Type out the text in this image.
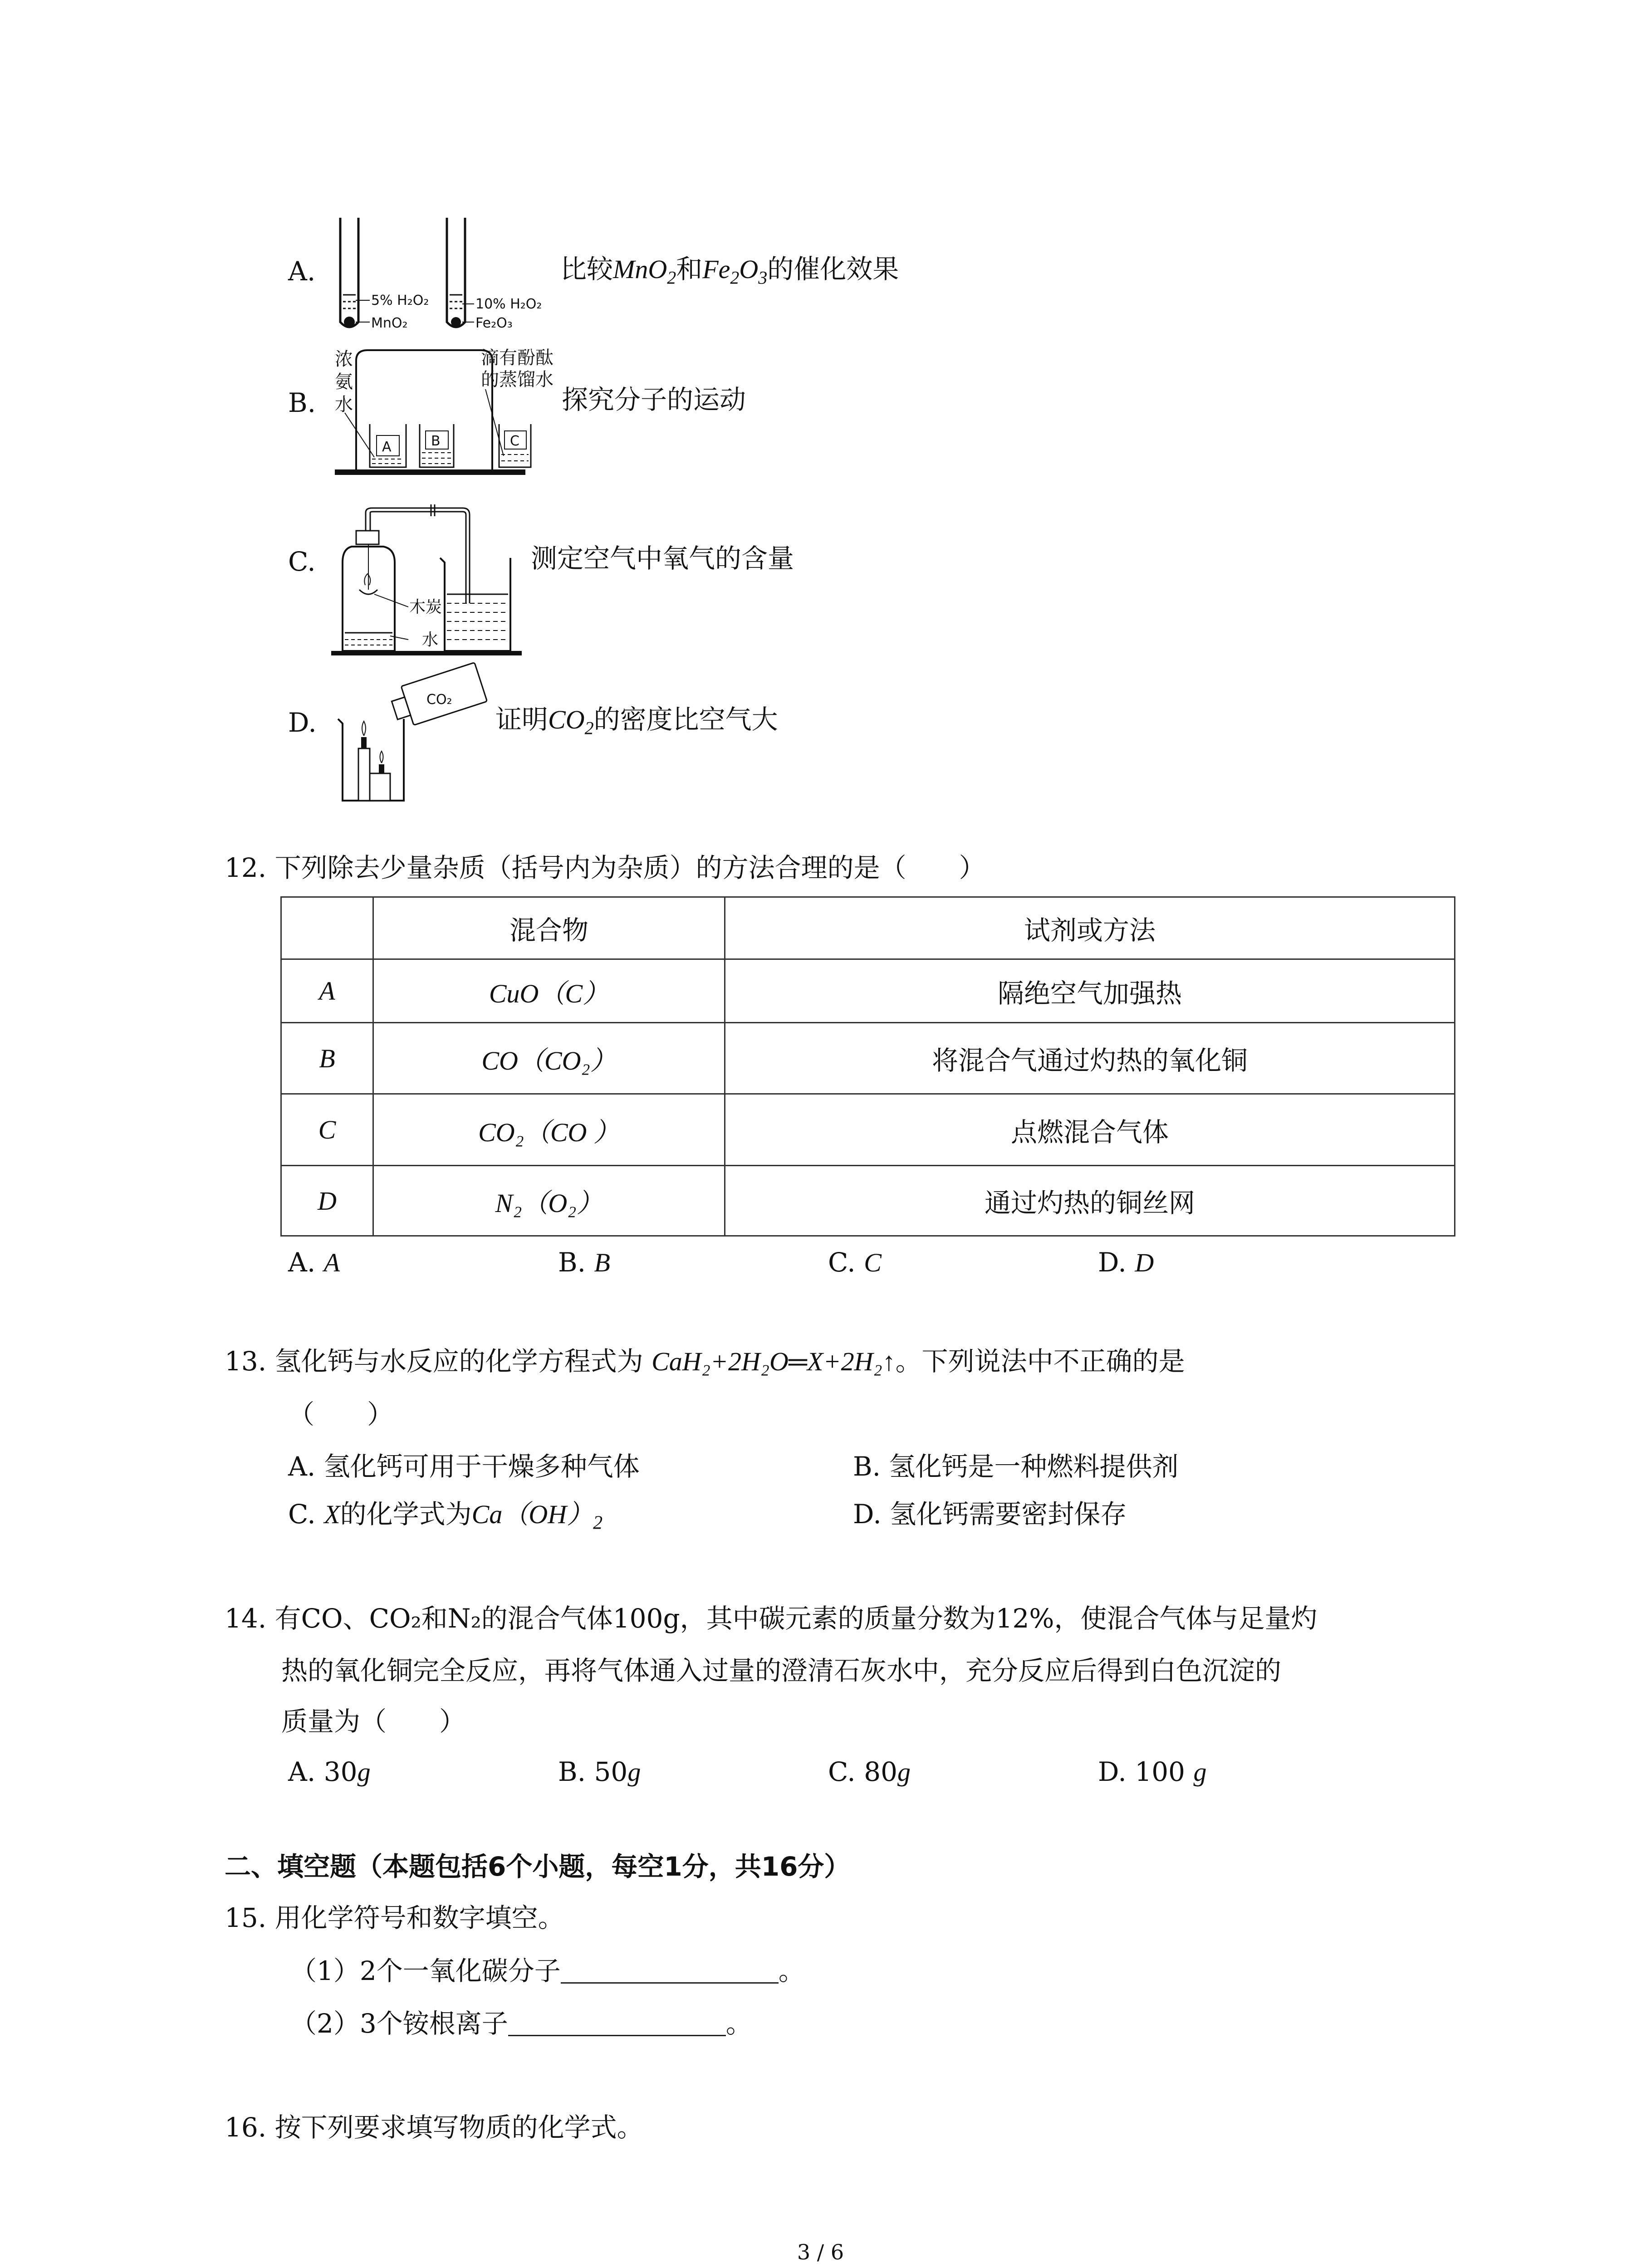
A.	比较MnO$_2$和$Fe_2O_3$的催化效果
B.	探究分子的运动
C.	测定空气中氧气的含量
D.	证明$CO_2$的密度比空气大
5% H₂O₂
MnO₂
10% H₂O₂
Fe₂O₃
A	B	C
浓
氨
水
滴有酚酞
的蒸馏水
木炭
水
CO₂
12. 下列除去少量杂质（括号内为杂质）的方法合理的是（　　）
	混合物	试剂或方法
A	CuO（C）	隔绝空气加强热
B	CO（CO₂）	将混合气通过灼热的氧化铜
C	CO₂（CO ）	点燃混合气体
D	N₂（O₂）	通过灼热的铜丝网
A. A	B. B	C. C	D. D
13. 氢化钙与水反应的化学方程式为 CaH₂+2H₂O═X+2H₂↑。下列说法中不正确的是
（　　）
A. 氢化钙可用于干燥多种气体	B. 氢化钙是一种燃料提供剂
C. X的化学式为$Ca(OH)_2$	D. 氢化钙需要密封保存
14. 有CO、CO₂和N₂的混合气体100g，其中碳元素的质量分数为12%，使混合气体与足量灼
热的氧化铜完全反应，再将气体通入过量的澄清石灰水中，充分反应后得到白色沉淀的
质量为（　　）
A. 30g	B. 50g	C. 80g	D. 100 g
二、填空题（本题包括6个小题，每空1分，共16分）
15. 用化学符号和数字填空。
（1）2个一氧化碳分子	。
（2）3个铵根离子	。
16. 按下列要求填写物质的化学式。
3 / 6
